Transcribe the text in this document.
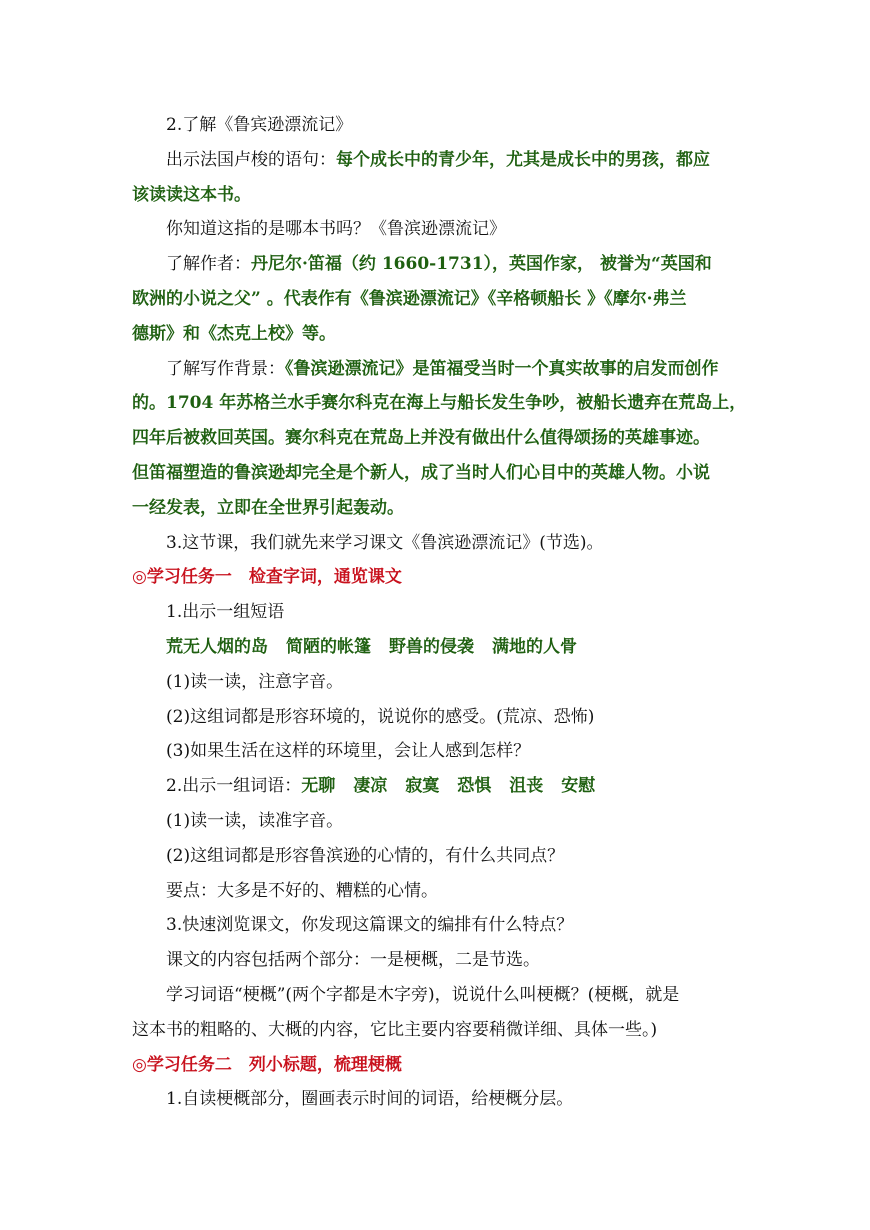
2.了解《鲁宾逊漂流记》

出示法国卢梭的语句：每个成长中的青少年，尤其是成长中的男孩，都应

该读读这本书。

你知道这指的是哪本书吗？《鲁滨逊漂流记》

了解作者：丹尼尔·笛福（约 1660-1731），英国作家， 被誉为“英国和

欧洲的小说之父” 。代表作有《鲁滨逊漂流记》《辛格顿船长 》《摩尔·弗兰

德斯》和《杰克上校》等。

了解写作背景：《鲁滨逊漂流记》是笛福受当时一个真实故事的启发而创作

的。1704 年苏格兰水手赛尔科克在海上与船长发生争吵，被船长遗弃在荒岛上，

四年后被救回英国。赛尔科克在荒岛上并没有做出什么值得颂扬的英雄事迹。

但笛福塑造的鲁滨逊却完全是个新人，成了当时人们心目中的英雄人物。小说

一经发表，立即在全世界引起轰动。

3.这节课，我们就先来学习课文《鲁滨逊漂流记》(节选)。

◎学习任务一　检查字词，通览课文

1.出示一组短语

荒无人烟的岛 简陋的帐篷 野兽的侵袭 满地的人骨

(1)读一读，注意字音。

(2)这组词都是形容环境的，说说你的感受。(荒凉、恐怖)

(3)如果生活在这样的环境里，会让人感到怎样？

2.出示一组词语：无聊 凄凉 寂寞 恐惧 沮丧 安慰

(1)读一读，读准字音。

(2)这组词都是形容鲁滨逊的心情的，有什么共同点？

要点：大多是不好的、糟糕的心情。

3.快速浏览课文，你发现这篇课文的编排有什么特点？

课文的内容包括两个部分：一是梗概，二是节选。

学习词语“梗概”(两个字都是木字旁)，说说什么叫梗概？(梗概，就是

这本书的粗略的、大概的内容，它比主要内容要稍微详细、具体一些。)

◎学习任务二　列小标题，梳理梗概

1.自读梗概部分，圈画表示时间的词语，给梗概分层。
